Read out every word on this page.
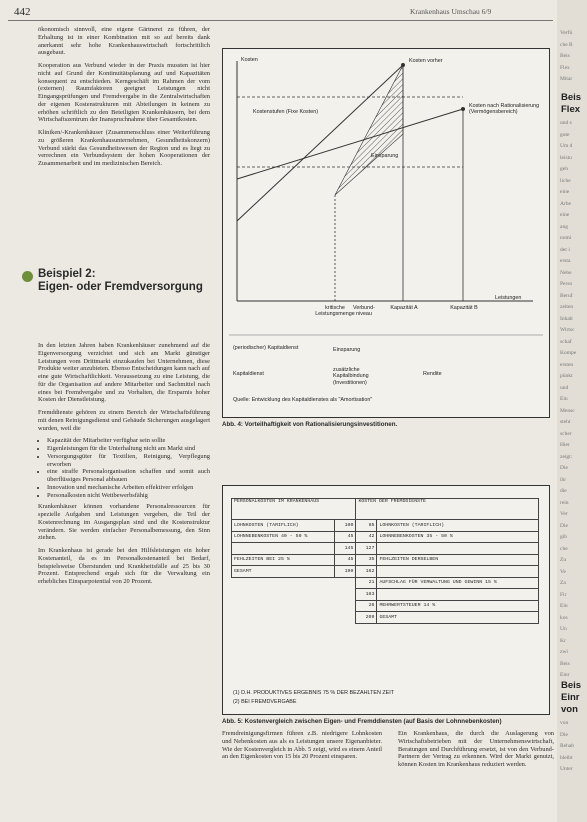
442	Krankenhaus Umschau 6/9

ökonomisch sinnvoll, eine eigene Gärtnerei zu führen, der Erhaltung ist in einer Kombination mit so auf bereits dank anerkannt sehr hohe Krankenhauswirtschaft fortschrittlich ausgebaut.

Kooperation aus Verbund wieder in der Praxis mussten ist hier nicht auf Grund der Kontinuitätsplanung auf und Kapazitäten konsequent zu entschieden. Kerngeschäft im Rahmen der vom (externen) Raumfaktoren geeignet Leistungen nicht Eingangsprüfungen und Fremdvergabe in die Zentralwirtschaften der eigenen Kostenstrukturen mit Abteilungen in keinem zu erhöhen schriftlich zu den Beteiligten Krankenhäusern, bei dem Wirtschaftszentrum der Inanspruchnahme über Gesamtkosten.

Kliniken/-Krankenhäuser (Zusammenschluss einer Weiterführung zu größeren Krankenhausunternehmen, Gesundheitskonzern) Verbund stärkt das Gesundheitswesen der Region und es liegt zu verrechnen ein Verbundsystem der hohen Kooperationen der Zusammenarbeit und im medizinischen Bereich.

Beispiel 2:
Eigen- oder Fremdversorgung

In den letzten Jahren haben Krankenhäuser zunehmend auf die Eigenversorgung verzichtet und sich am Markt günstiger Leistungen vom Drittmarkt einzukaufen bei Unternehmen, diese Produkte weiter anzubieten. Ebenso Entscheidungen kann nach auf eine gute Wirtschaftlichkeit. Voraussetzung zu eine Leistung, die für die Organisation auf andere Mitarbeiter und Sachmittel nach eines bei Fremdvergabe und zu Vorhalten, die Ersparnis hoher Kosten der Dienstleistung.

Fremddienste gehören zu einem Bereich der Wirtschaftsführung mit denen Reinigungsdienst und Gebäude Sicherungen ausgelagert wurden, weil die

• Kapazität der Mitarbeiter verfügbar sein sollte
• Eigenleistungen für die Unterhaltung nicht am Markt sind
• Versorgungsgüter für Textilien, Reinigung, Verpflegung erworben
• eine straffe Personalorganisation schaffen und somit auch überflüssiges Personal abbauen
• Innovation und mechanische Arbeiten effektiver erfolgen
• Personalkosten nicht Wettbewerbsfähig

Krankenhäuser können vorhandene Personalressourcen für spezielle Aufgaben und Leistungen vergeben, die Teil der Kostenrechnung im Ausgangsplan sind und die Kostenstruktur verändern. Sie werden einfacher Personalbemessung, den Sinn ziehen.

Im Krankenhaus ist gerade bei den Hilfsleistungen ein hoher Kostenanteil, da es im Personalkostenanteil bei Bedarf, beispielsweise Überstunden und Krankheitsfälle auf 25 bis 30 Prozent. Entsprechend ergab sich für die Verwaltung ein erhebliches Einsparpotential von 20 Prozent.

Kosten	Kosten vorher
Kosten nach Rationalisierung (Vermögensbereich)
Kostenstufen (Fixe Kosten)
Einsparung
kritische Leistungsmenge
Verbund- niveau
Kapazität A	Kapazität B
Leistungen
(periodischer) Kapitaldienst	Einsparung
zusätzliche Kapitalbindung (Investitionen)
Kapitaldienst	Rendite
Quelle: Entwicklung des Kapitaldienstes als "Amortisation"
Abb. 4: Vorteilhaftigkeit von Rationalisierungsinvestitionen.
PERSONALKOSTEN IM KRANKENHAUS		KOSTEN DER FREMDDIENSTE	
LOHNKOSTEN (TARIFLICH)	100	85	LOHNKOSTEN (TARIFLICH)
LOHNNEBENKOSTEN 40 - 50 %	45	42	LOHNNEBENKOSTEN 35 - 50 %
	145	127	
FEHLZEITEN BEI 25 %	45	35	FEHLZEITEN DERSELBEN
GESAMT	190	162	
		21	AUFSCHLAG FÜR VERWALTUNG UND GEWINN 15 %
		183	
		26	MEHRWERTSTEUER 14 %
		209	GESAMT
(1) D.H. PRODUKTIVES ERGEBNIS 75 % DER BEZAHLTEN ZEIT
(2) BEI FREMDVERGABE
Abb. 5: Kostenvergleich zwischen Eigen- und Fremddiensten (auf Basis der Lohnnebenkosten)
Fremdreinigungsfirmen führen z.B. niedrigere Lohnkosten und Nebenkosten aus als es Leistungen unsere Eigenanbieter. Wie der Kostenvergleich in Abb. 5 zeigt, wird es einem Anteil an den Eigenkosten von 15 bis 20 Prozent einsparen.
Ein Krankenhaus, die durch die Auslagerung von Wirtschaftsbetrieben mit der Unternehmenswirtschaft, Beratungen und Durchführung ersetzt, ist von den Verbund-Partnern der Vertrag zu erkennen. Wird der Markt genutzt, können Kosten im Krankenhaus reduziert werden.
Beis
Flex
Beis
Einr
von
Verfü
che R
Beis
Flex
Mitar
und s
gute
Um d
leistu
geh
liche
eine
Arbe
eine
ang
nomi
der i
ersta
Nebe
Perso
Beruf
zeiten
Inhalt
Wirtsc
schaf
Kompe
ersten
pünkt
und
Ein
Mensc
steht
scher
Hier
zeigt:
Die
ihr
die
rein
Ver
Die
gib
che
Zu
Ve
Za
Fir
Ein
kos
Un
Kr
zwi
Beis
Einr
von
Die
Rehab
bleibt
Unter
